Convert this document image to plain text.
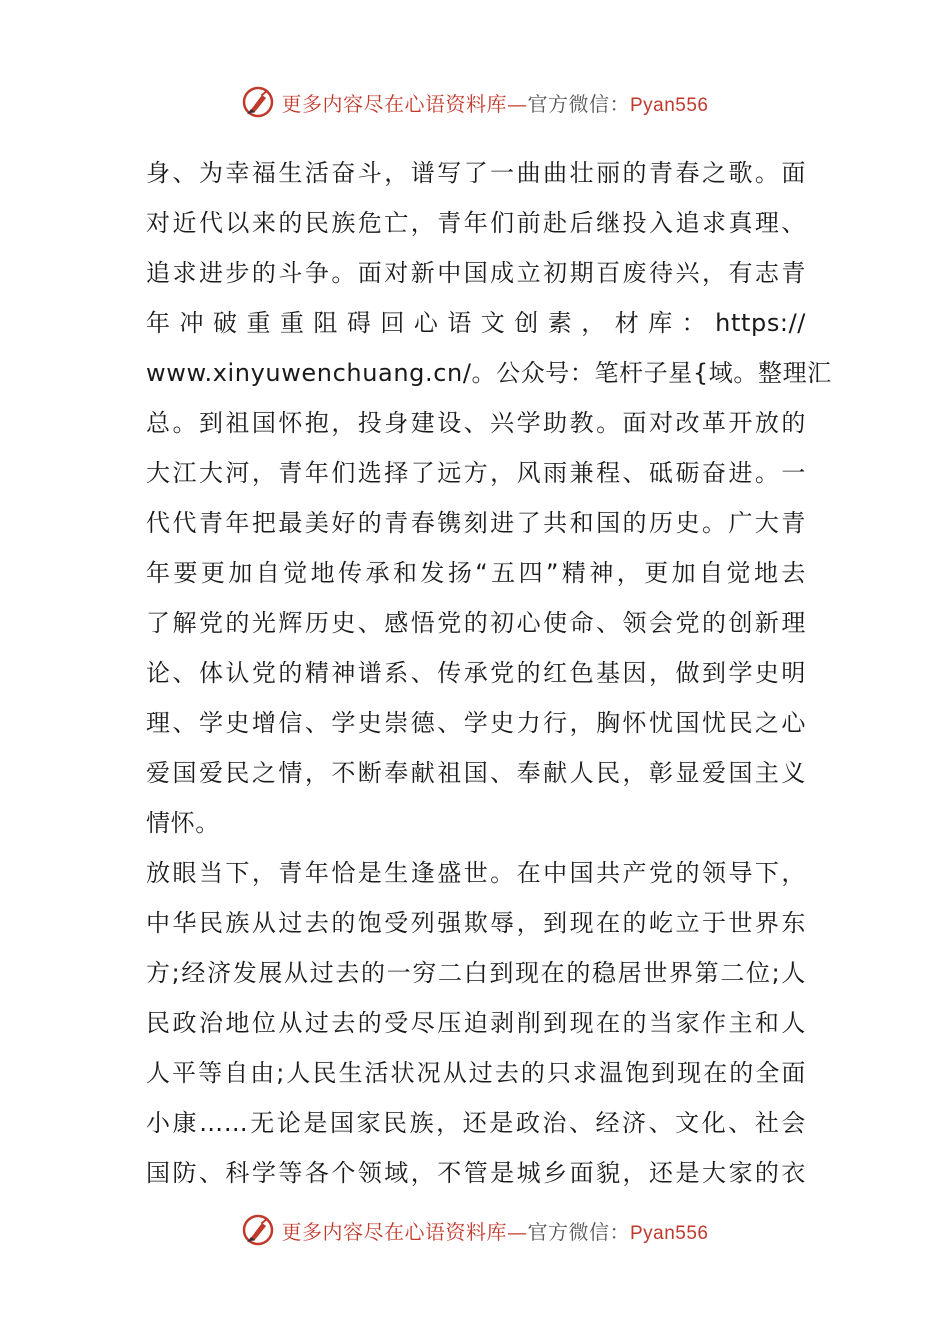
更多内容尽在心语资料库—官方微信：Pyan556
身、为幸福生活奋斗，谱写了一曲曲壮丽的青春之歌。面
对近代以来的民族危亡，青年们前赴后继投入追求真理、
追求进步的斗争。面对新中国成立初期百废待兴，有志青
年冲破重重阻碍回心语文创素，材库：https://
www.xinyuwenchuang.cn/。公众号：笔杆子星{域。整理汇
总。到祖国怀抱，投身建设、兴学助教。面对改革开放的
大江大河，青年们选择了远方，风雨兼程、砥砺奋进。一
代代青年把最美好的青春镌刻进了共和国的历史。广大青
年要更加自觉地传承和发扬“五四”精神，更加自觉地去
了解党的光辉历史、感悟党的初心使命、领会党的创新理
论、体认党的精神谱系、传承党的红色基因，做到学史明
理、学史增信、学史崇德、学史力行，胸怀忧国忧民之心
爱国爱民之情，不断奉献祖国、奉献人民，彰显爱国主义
情怀。
放眼当下，青年恰是生逢盛世。在中国共产党的领导下，
中华民族从过去的饱受列强欺辱，到现在的屹立于世界东
方;经济发展从过去的一穷二白到现在的稳居世界第二位;人
民政治地位从过去的受尽压迫剥削到现在的当家作主和人
人平等自由;人民生活状况从过去的只求温饱到现在的全面
小康……无论是国家民族，还是政治、经济、文化、社会
国防、科学等各个领域，不管是城乡面貌，还是大家的衣
更多内容尽在心语资料库—官方微信：Pyan556
